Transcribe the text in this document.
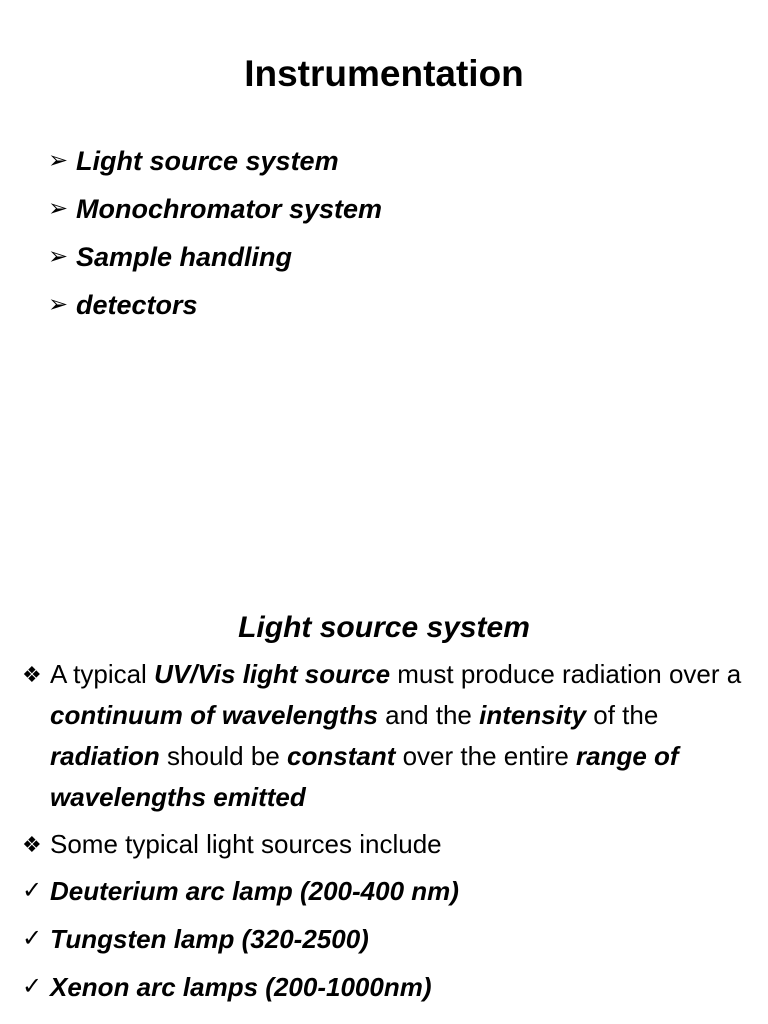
Instrumentation
➢ Light source system
➢ Monochromator system
➢ Sample handling
➢ detectors
Light source system
❖ A typical UV/Vis light source must produce radiation over a continuum of wavelengths and the intensity of the radiation should be constant over the entire range of wavelengths emitted
❖ Some typical light sources include
✓ Deuterium arc lamp (200-400 nm)
✓ Tungsten lamp (320-2500)
✓ Xenon arc lamps (200-1000nm)
